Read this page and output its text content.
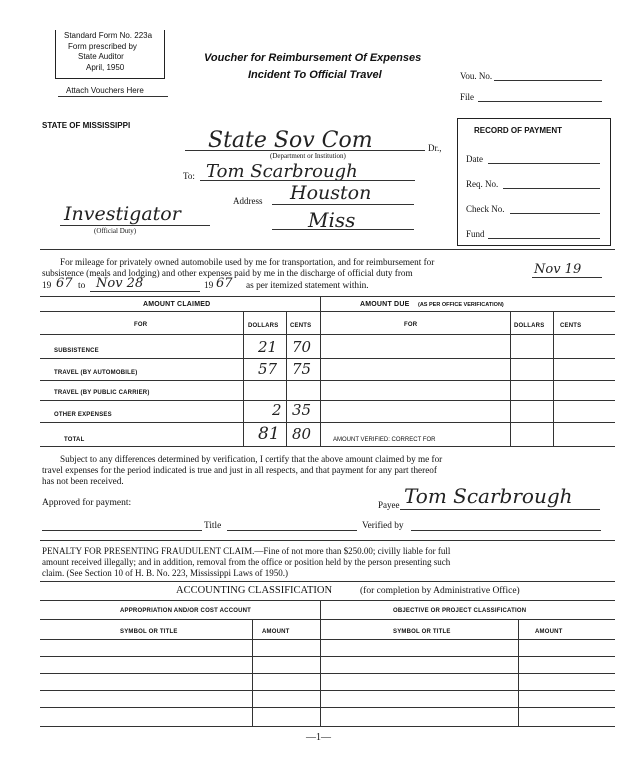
Standard Form No. 223a
Form prescribed by
State Auditor
April, 1950
Attach Vouchers Here
Voucher for Reimbursement Of Expenses
Incident To Official Travel	Vou. No.
File
STATE OF MISSISSIPPI
State Sov Com	Dr.,
(Department or Institution)
To: Tom Scarbrough
Address Houston
Miss
Investigator
(Official Duty)
RECORD OF PAYMENT
Date
Req. No.
Check No.
Fund
For mileage for privately owned automobile used by me for transportation, and for reimbursement for
subsistence (meals and lodging) and other expenses paid by me in the discharge of official duty from	Nov 19
19 67 to Nov 28	19 67 as per itemized statement within.
AMOUNT CLAIMED	AMOUNT DUE (AS PER OFFICE VERIFICATION)
FOR	DOLLARS CENTS	FOR	DOLLARS	CENTS
SUBSISTENCE	21 70
TRAVEL (BY AUTOMOBILE)	57 75
TRAVEL (BY PUBLIC CARRIER)
OTHER EXPENSES	2 35
TOTAL	81 80	AMOUNT VERIFIED: CORRECT FOR
Subject to any differences determined by verification, I certify that the above amount claimed by me for
travel expenses for the period indicated is true and just in all respects, and that payment for any part thereof
has not been received.
Approved for payment:	Payee Tom Scarbrough
Title	Verified by
PENALTY FOR PRESENTING FRAUDULENT CLAIM.—Fine of not more than $250.00; civilly liable for full
amount received illegally; and in addition, removal from the office or position held by the person presenting such
claim. (See Section 10 of H. B. No. 223, Mississippi Laws of 1950.)
ACCOUNTING CLASSIFICATION	(for completion by Administrative Office)
APPROPRIATION AND/OR COST ACCOUNT	OBJECTIVE OR PROJECT CLASSIFICATION
SYMBOL OR TITLE	AMOUNT	SYMBOL OR TITLE	AMOUNT
—1—
